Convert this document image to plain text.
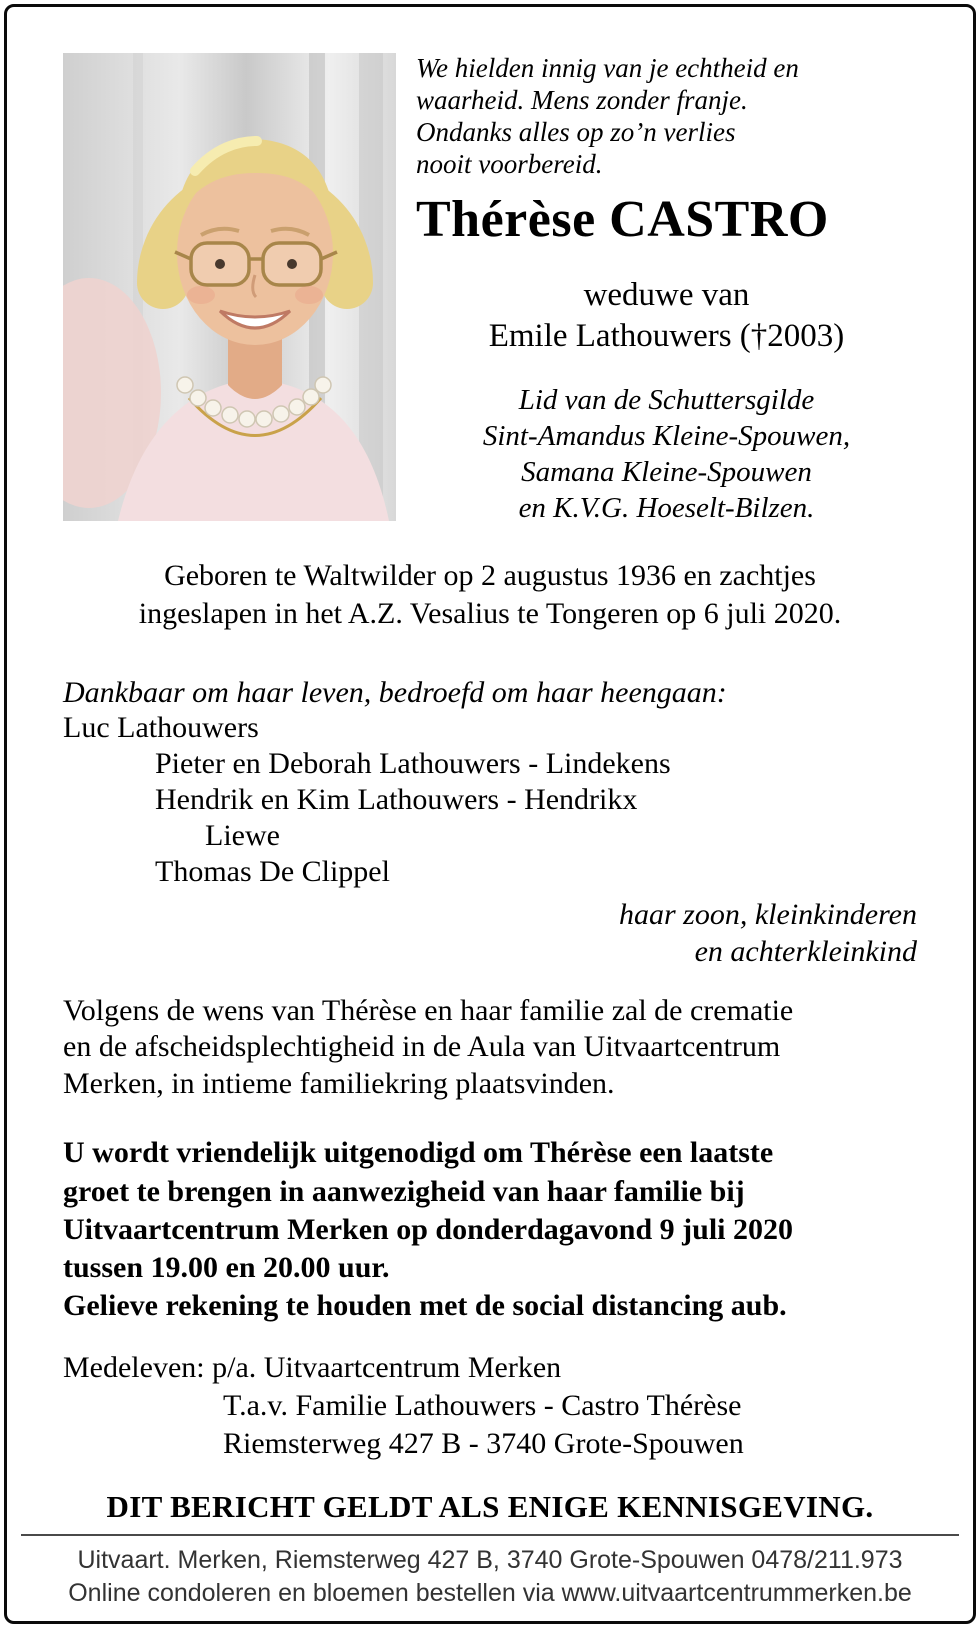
We hielden innig van je echtheid en
waarheid. Mens zonder franje.
Ondanks alles op zo’n verlies
nooit voorbereid.
Thérèse CASTRO
weduwe van
Emile Lathouwers (†2003)
Lid van de Schuttersgilde
Sint-Amandus Kleine-Spouwen,
Samana Kleine-Spouwen
en K.V.G. Hoeselt-Bilzen.
Geboren te Waltwilder op 2 augustus 1936 en zachtjes
ingeslapen in het A.Z. Vesalius te Tongeren op 6 juli 2020.
Dankbaar om haar leven, bedroefd om haar heengaan:
Luc Lathouwers
Pieter en Deborah Lathouwers - Lindekens
Hendrik en Kim Lathouwers - Hendrikx
Liewe
Thomas De Clippel
haar zoon, kleinkinderen
en achterkleinkind
Volgens de wens van Thérèse en haar familie zal de crematie
en de afscheidsplechtigheid in de Aula van Uitvaartcentrum
Merken, in intieme familiekring plaatsvinden.
U wordt vriendelijk uitgenodigd om Thérèse een laatste
groet te brengen in aanwezigheid van haar familie bij
Uitvaartcentrum Merken op donderdagavond 9 juli 2020
tussen 19.00 en 20.00 uur.
Gelieve rekening te houden met de social distancing aub.
Medeleven: p/a. Uitvaartcentrum Merken
T.a.v. Familie Lathouwers - Castro Thérèse
Riemsterweg 427 B - 3740 Grote-Spouwen
DIT BERICHT GELDT ALS ENIGE KENNISGEVING.
Uitvaart. Merken, Riemsterweg 427 B, 3740 Grote-Spouwen 0478/211.973
Online condoleren en bloemen bestellen via www.uitvaartcentrummerken.be
